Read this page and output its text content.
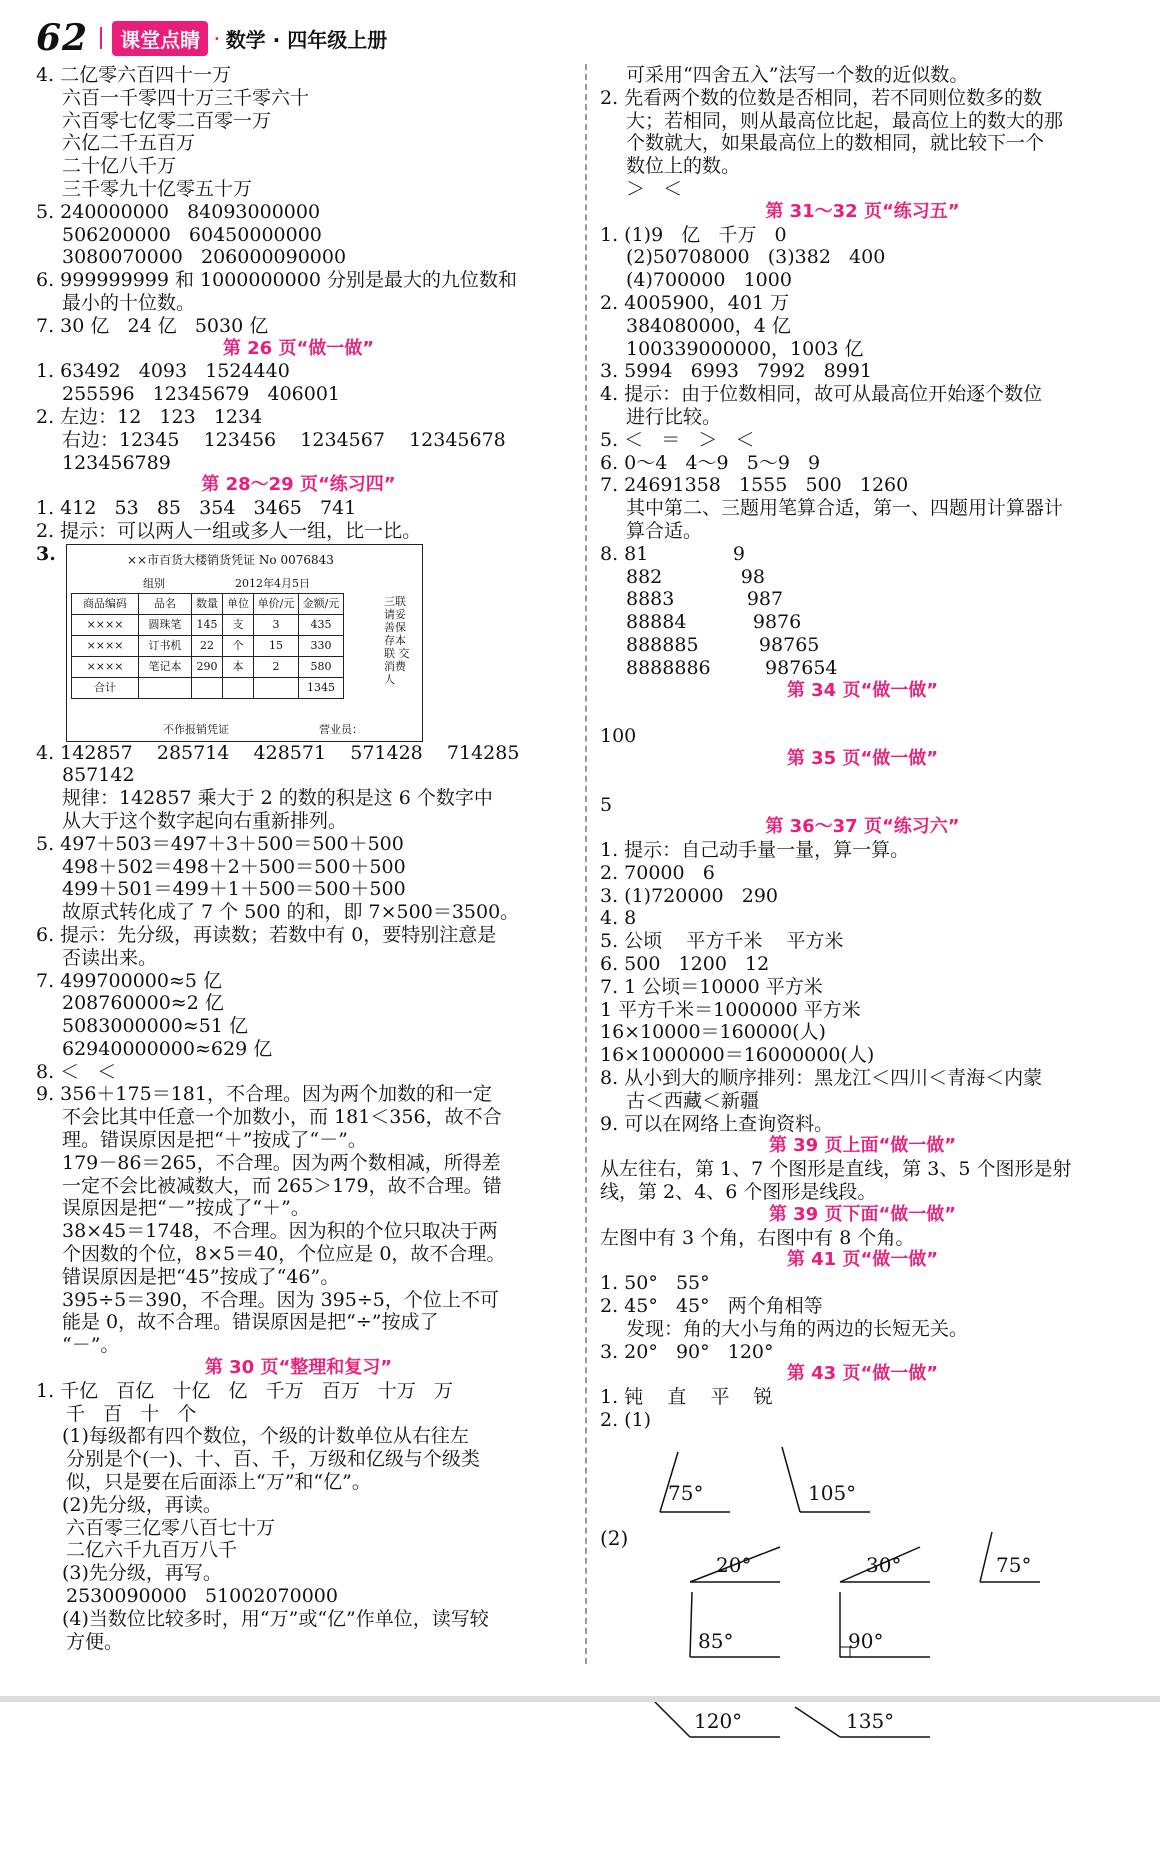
62	课堂点睛 · 数学 · 四年级上册
4. 二亿零六百四十一万
六百一千零四十万三千零六十
六百零七亿零二百零一万
六亿二千五百万
二十亿八千万
三千零九十亿零五十万
5. 240000000   84093000000
506200000   60450000000
3080070000   206000090000
6. 999999999 和 1000000000 分别是最大的九位数和
最小的十位数。
7. 30 亿   24 亿   5030 亿
第 26 页“做一做”
1. 63492   4093   1524440
255596   12345679   406001
2. 左边：12   123   1234
右边：12345    123456    1234567    12345678
123456789
第 28～29 页“练习四”
1. 412   53   85   354   3465   741
2. 提示：可以两人一组或多人一组，比一比。
3.	××市百货大楼销货凭证 No 0076843
组别	2012年4月5日
商品编码	品名	数量	单位	单价/元	金额/元
××××	圆珠笔	145	支	3	435
××××	订书机	22	个	15	330
××××	笔记本	290	本	2	580
合计					1345
三联 请妥善保存本联 交消费人
不作报销凭证	营业员：
4. 142857    285714    428571    571428    714285
857142
规律：142857 乘大于 2 的数的积是这 6 个数字中
从大于这个数字起向右重新排列。
5. 497＋503＝497＋3＋500＝500＋500
498＋502＝498＋2＋500＝500＋500
499＋501＝499＋1＋500＝500＋500
故原式转化成了 7 个 500 的和，即 7×500＝3500。
6. 提示：先分级，再读数；若数中有 0，要特别注意是
否读出来。
7. 499700000≈5 亿
208760000≈2 亿
5083000000≈51 亿
62940000000≈629 亿
8. ＜   ＜
9. 356＋175＝181，不合理。因为两个加数的和一定
不会比其中任意一个加数小，而 181＜356，故不合
理。错误原因是把“＋”按成了“－”。
179－86＝265，不合理。因为两个数相减，所得差
一定不会比被减数大，而 265＞179，故不合理。错
误原因是把“－”按成了“＋”。
38×45＝1748，不合理。因为积的个位只取决于两
个因数的个位，8×5＝40，个位应是 0，故不合理。
错误原因是把“45”按成了“46”。
395÷5＝390，不合理。因为 395÷5，个位上不可
能是 0，故不合理。错误原因是把“÷”按成了
“－”。
第 30 页“整理和复习”
1. 千亿   百亿   十亿   亿   千万   百万   十万   万
千   百   十   个
(1)每级都有四个数位，个级的计数单位从右往左
分别是个(一)、十、百、千，万级和亿级与个级类
似，只是要在后面添上“万”和“亿”。
(2)先分级，再读。
六百零三亿零八百七十万
二亿六千九百万八千
(3)先分级，再写。
2530090000   51002070000
(4)当数位比较多时，用“万”或“亿”作单位，读写较
方便。
可采用“四舍五入”法写一个数的近似数。
2. 先看两个数的位数是否相同，若不同则位数多的数
大；若相同，则从最高位比起，最高位上的数大的那
个数就大，如果最高位上的数相同，就比较下一个
数位上的数。
＞   ＜
第 31～32 页“练习五”
1. (1)9   亿   千万   0
(2)50708000   (3)382   400
(4)700000   1000
2. 4005900，401 万
384080000，4 亿
100339000000，1003 亿
3. 5994   6993   7992   8991
4. 提示：由于位数相同，故可从最高位开始逐个数位
进行比较。
5. ＜   ＝   ＞   ＜
6. 0～4   4～9   5～9   9
7. 24691358   1555   500   1260
其中第二、三题用笔算合适，第一、四题用计算器计
算合适。
8. 81              9
882             98
8883            987
88884           9876
888885          98765
8888886         987654
第 34 页“做一做”
100
第 35 页“做一做”
5
第 36～37 页“练习六”
1. 提示：自己动手量一量，算一算。
2. 70000   6
3. (1)720000   290
4. 8
5. 公顷    平方千米    平方米
6. 500   1200   12
7. 1 公顷＝10000 平方米
1 平方千米＝1000000 平方米
16×10000＝160000(人)
16×1000000＝16000000(人)
8. 从小到大的顺序排列：黑龙江＜四川＜青海＜内蒙
古＜西藏＜新疆
9. 可以在网络上查询资料。
第 39 页上面“做一做”
从左往右，第 1、7 个图形是直线，第 3、5 个图形是射
线，第 2、4、6 个图形是线段。
第 39 页下面“做一做”
左图中有 3 个角，右图中有 8 个角。
第 41 页“做一做”
1. 50°   55°
2. 45°   45°   两个角相等
发现：角的大小与角的两边的长短无关。
3. 20°   90°   120°
第 43 页“做一做”
1. 钝    直    平    锐
2. (1)
(2)
75°	105°
20°	30°	75°
85°	90°
120°	135°
